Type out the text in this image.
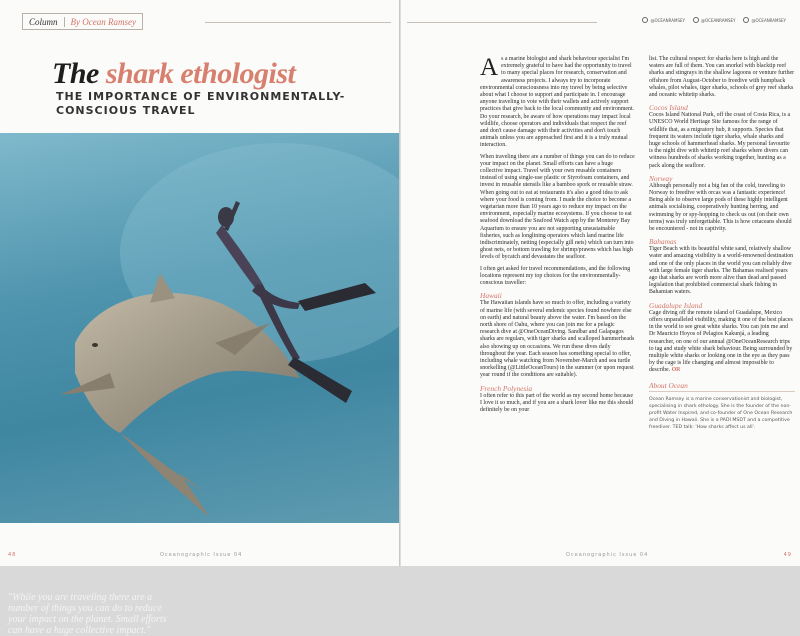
Column	By Ocean Ramsey
The shark ethologist
THE IMPORTANCE OF ENVIRONMENTALLY-CONSCIOUS TRAVEL
"While you are traveling there are a number of things you can do to reduce your impact on the planet. Small efforts can have a huge collective impact."
48	Oceanographic Issue 04
@OCEANRAMSEY	@OCEANRAMSEY	@OCEANRAMSEY

As a marine biologist and shark behaviour specialist I'm extremely grateful to have had the opportunity to travel to many special places for research, conservation and awareness projects. I always try to incorporate environmental consciousness into my travel by being selective about what I choose to support and participate in. I encourage anyone traveling to vote with their wallets and actively support practices that give back to the local community and environment. Do your research, be aware of how operations may impact local wildlife, choose operators and individuals that respect the reef and don't cause damage with their activities and don't touch animals unless you are approached first and it is a truly mutual interaction.

When traveling there are a number of things you can do to reduce your impact on the planet. Small efforts can have a huge collective impact. Travel with your own reusable containers instead of using single-use plastic or Styrofoam containers, and invest in reusable utensils like a bamboo spork or reusable straw. When going out to eat at restaurants it's also a good idea to ask where your food is coming from. I made the choice to become a vegetarian more than 10 years ago to reduce my impact on the environment, especially marine ecosystems. If you choose to eat seafood download the Seafood Watch app by the Monterey Bay Aquarium to ensure you are not supporting unsustainable fisheries, such as longlining operators which land marine life indiscriminately, netting (especially gill nets) which can turn into ghost nets, or bottom trawling for shrimp/prawns which has high levels of bycatch and devastates the seafloor.

I often get asked for travel recommendations, and the following locations represent my top choices for the environmentally-conscious traveller:

Hawaii

The Hawaiian islands have so much to offer, including a variety of marine life (with several endemic species found nowhere else on earth) and natural beauty above the water. I'm based on the north shore of Oahu, where you can join me for a pelagic research dive at @OneOceanDiving. Sandbar and Galapagos sharks are regulars, with tiger sharks and scalloped hammerheads also showing up on occasions. We run these dives daily throughout the year. Each season has something special to offer, including whale watching from November-March and sea turtle snorkelling (@LittleOceanTours) in the summer (or upon request year round if the conditions are suitable).

French Polynesia

I often refer to this part of the world as my second home because I love it so much, and if you are a shark lover like me this should definitely be on your

list. The cultural respect for sharks here is high and the waters are full of them. You can snorkel with blacktip reef sharks and stingrays in the shallow lagoons or venture further offshore from August-October to freedive with humpback whales, pilot whales, tiger sharks, schools of grey reef sharks and oceanic whitetip sharks.

Cocos Island

Cocos Island National Park, off the coast of Costa Rica, is a UNESCO World Heritage Site famous for the range of wildlife that, as a migratory hub, it supports. Species that frequent its waters include tiger sharks, whale sharks and huge schools of hammerhead sharks. My personal favourite is the night dive with whitetip reef sharks where divers can witness hundreds of sharks working together, hunting as a pack along the seafloor.

Norway

Although personally not a big fan of the cold, traveling to Norway to freedive with orcas was a fantastic experience! Being able to observe large pods of these highly intelligent animals socialising, cooperatively hunting herring, and swimming by or spy-hopping to check us out (on their own terms) was truly unforgettable. This is how cetaceans should be encountered - not in captivity.

Bahamas

Tiger Beach with its beautiful white sand, relatively shallow water and amazing visibility is a world-renowned destination and one of the only places in the world you can reliably dive with large female tiger sharks. The Bahamas realised years ago that sharks are worth more alive than dead and passed legislation that prohibited commercial shark fishing in Bahamian waters.

Guadalupe Island

Cage diving off the remote island of Guadalupe, Mexico offers unparalleled visibility, making it one of the best places in the world to see great white sharks. You can join me and Dr Mauricio Hoyos of Pelagios Kakunjá, a leading researcher, on one of our annual @OneOceanResearch trips to tag and study white shark behaviour. Being surrounded by multiple white sharks or looking one in the eye as they pass by the cage is life changing and almost impossible to describe. OR

About Ocean
Ocean Ramsey is a marine conservationist and biologist, specialising in shark ethology. She is the founder of the non-profit Water Inspired, and co-founder of One Ocean Research and Diving in Hawaii. She is a PADI MSDT and a competitive freediver. TED talk: 'How sharks affect us all'.
Oceanographic Issue 04	49
